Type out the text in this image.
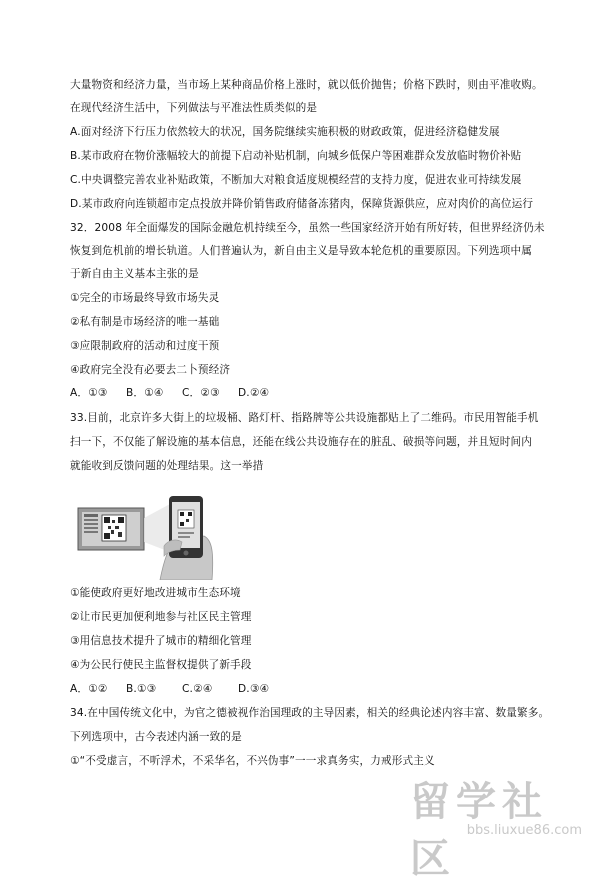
大量物资和经济力量，当市场上某种商品价格上涨时，就以低价抛售；价格下跌时，则由平准收购。
在现代经济生活中，下列做法与平准法性质类似的是
A.面对经济下行压力依然较大的状况，国务院继续实施积极的财政政策，促进经济稳健发展
B.某市政府在物价涨幅较大的前提下启动补贴机制，向城乡低保户等困难群众发放临时物价补贴
C.中央调整完善农业补贴政策，不断加大对粮食适度规模经营的支持力度，促进农业可持续发展
D.某市政府向连锁超市定点投放并降价销售政府储备冻猪肉，保障货源供应，应对肉价的高位运行
32．2008 年全面爆发的国际金融危机持续至今，虽然一些国家经济开始有所好转，但世界经济仍未
恢复到危机前的增长轨道。人们普遍认为，新自由主义是导致本轮危机的重要原因。下列选项中属
于新自由主义基本主张的是
①完全的市场最终导致市场失灵
②私有制是市场经济的唯一基础
③应限制政府的活动和过度干预
④政府完全没有必要去二卜预经济
A．①③ B．①④ C．②③ D.②④
33.目前，北京许多大街上的垃圾桶、路灯杆、指路牌等公共设施都贴上了二维码。市民用智能手机
扫一下，不仅能了解设施的基本信息，还能在线公共设施存在的脏乱、破损等问题，并且短时间内
就能收到反馈问题的处理结果。这一举措
①能使政府更好地改进城市生态环境
②让市民更加便利地参与社区民主管理
③用信息技术提升了城市的精细化管理
④为公民行使民主监督权提供了新手段
A．①② B.①③ C.②④ D.③④
34.在中国传统文化中，为官之德被视作治国理政的主导因素，相关的经典论述内容丰富、数量繁多。
下列选项中，古今表述内涵一致的是
①“不受虚言，不听浮术，不采华名，不兴伪事”一一求真务实，力戒形式主义
留学社区
bbs.liuxue86.com
